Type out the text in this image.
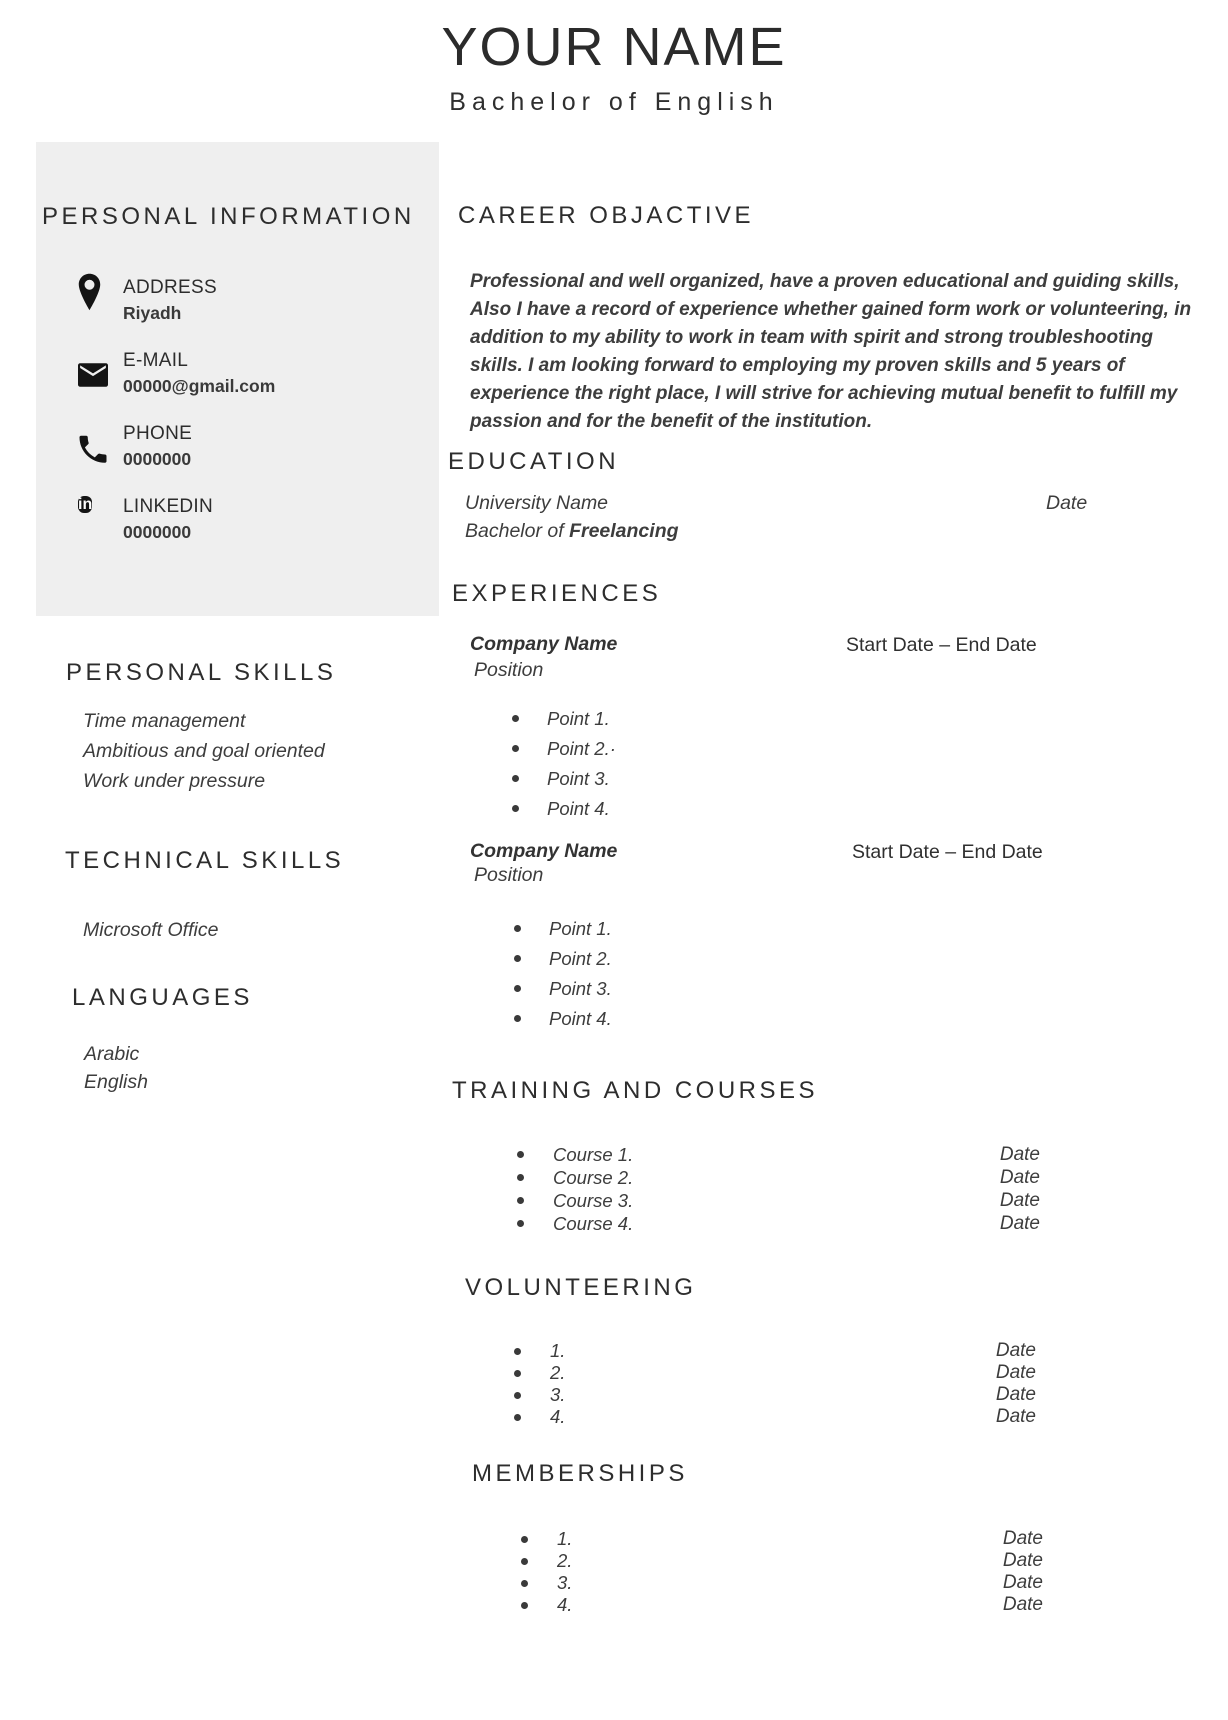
YOUR NAME
Bachelor of English
PERSONAL INFORMATION
ADDRESS
Riyadh
E-MAIL
00000@gmail.com
PHONE
0000000
in LINKEDIN
0000000
PERSONAL SKILLS
Time management
Ambitious and goal oriented
Work under pressure
TECHNICAL SKILLS
Microsoft Office
LANGUAGES
Arabic
English
CAREER OBJACTIVE
Professional and well organized, have a proven educational and guiding skills,
Also I have a record of experience whether gained form work or volunteering, in
addition to my ability to work in team with spirit and strong troubleshooting
skills. I am looking forward to employing my proven skills and 5 years of
experience the right place, I will strive for achieving mutual benefit to fulfill my
passion and for the benefit of the institution.
EDUCATION
University Name	Date
Bachelor of Freelancing
EXPERIENCES
Company Name	Start Date – End Date
Position
Point 1.
Point 2.·
Point 3.
Point 4.
Company Name	Start Date – End Date
Position
Point 1.
Point 2.
Point 3.
Point 4.
TRAINING AND COURSES
Course 1.	Date
Course 2.	Date
Course 3.	Date
Course 4.	Date
VOLUNTEERING
1.	Date
2.	Date
3.	Date
4.	Date
MEMBERSHIPS
1.	Date
2.	Date
3.	Date
4.	Date
